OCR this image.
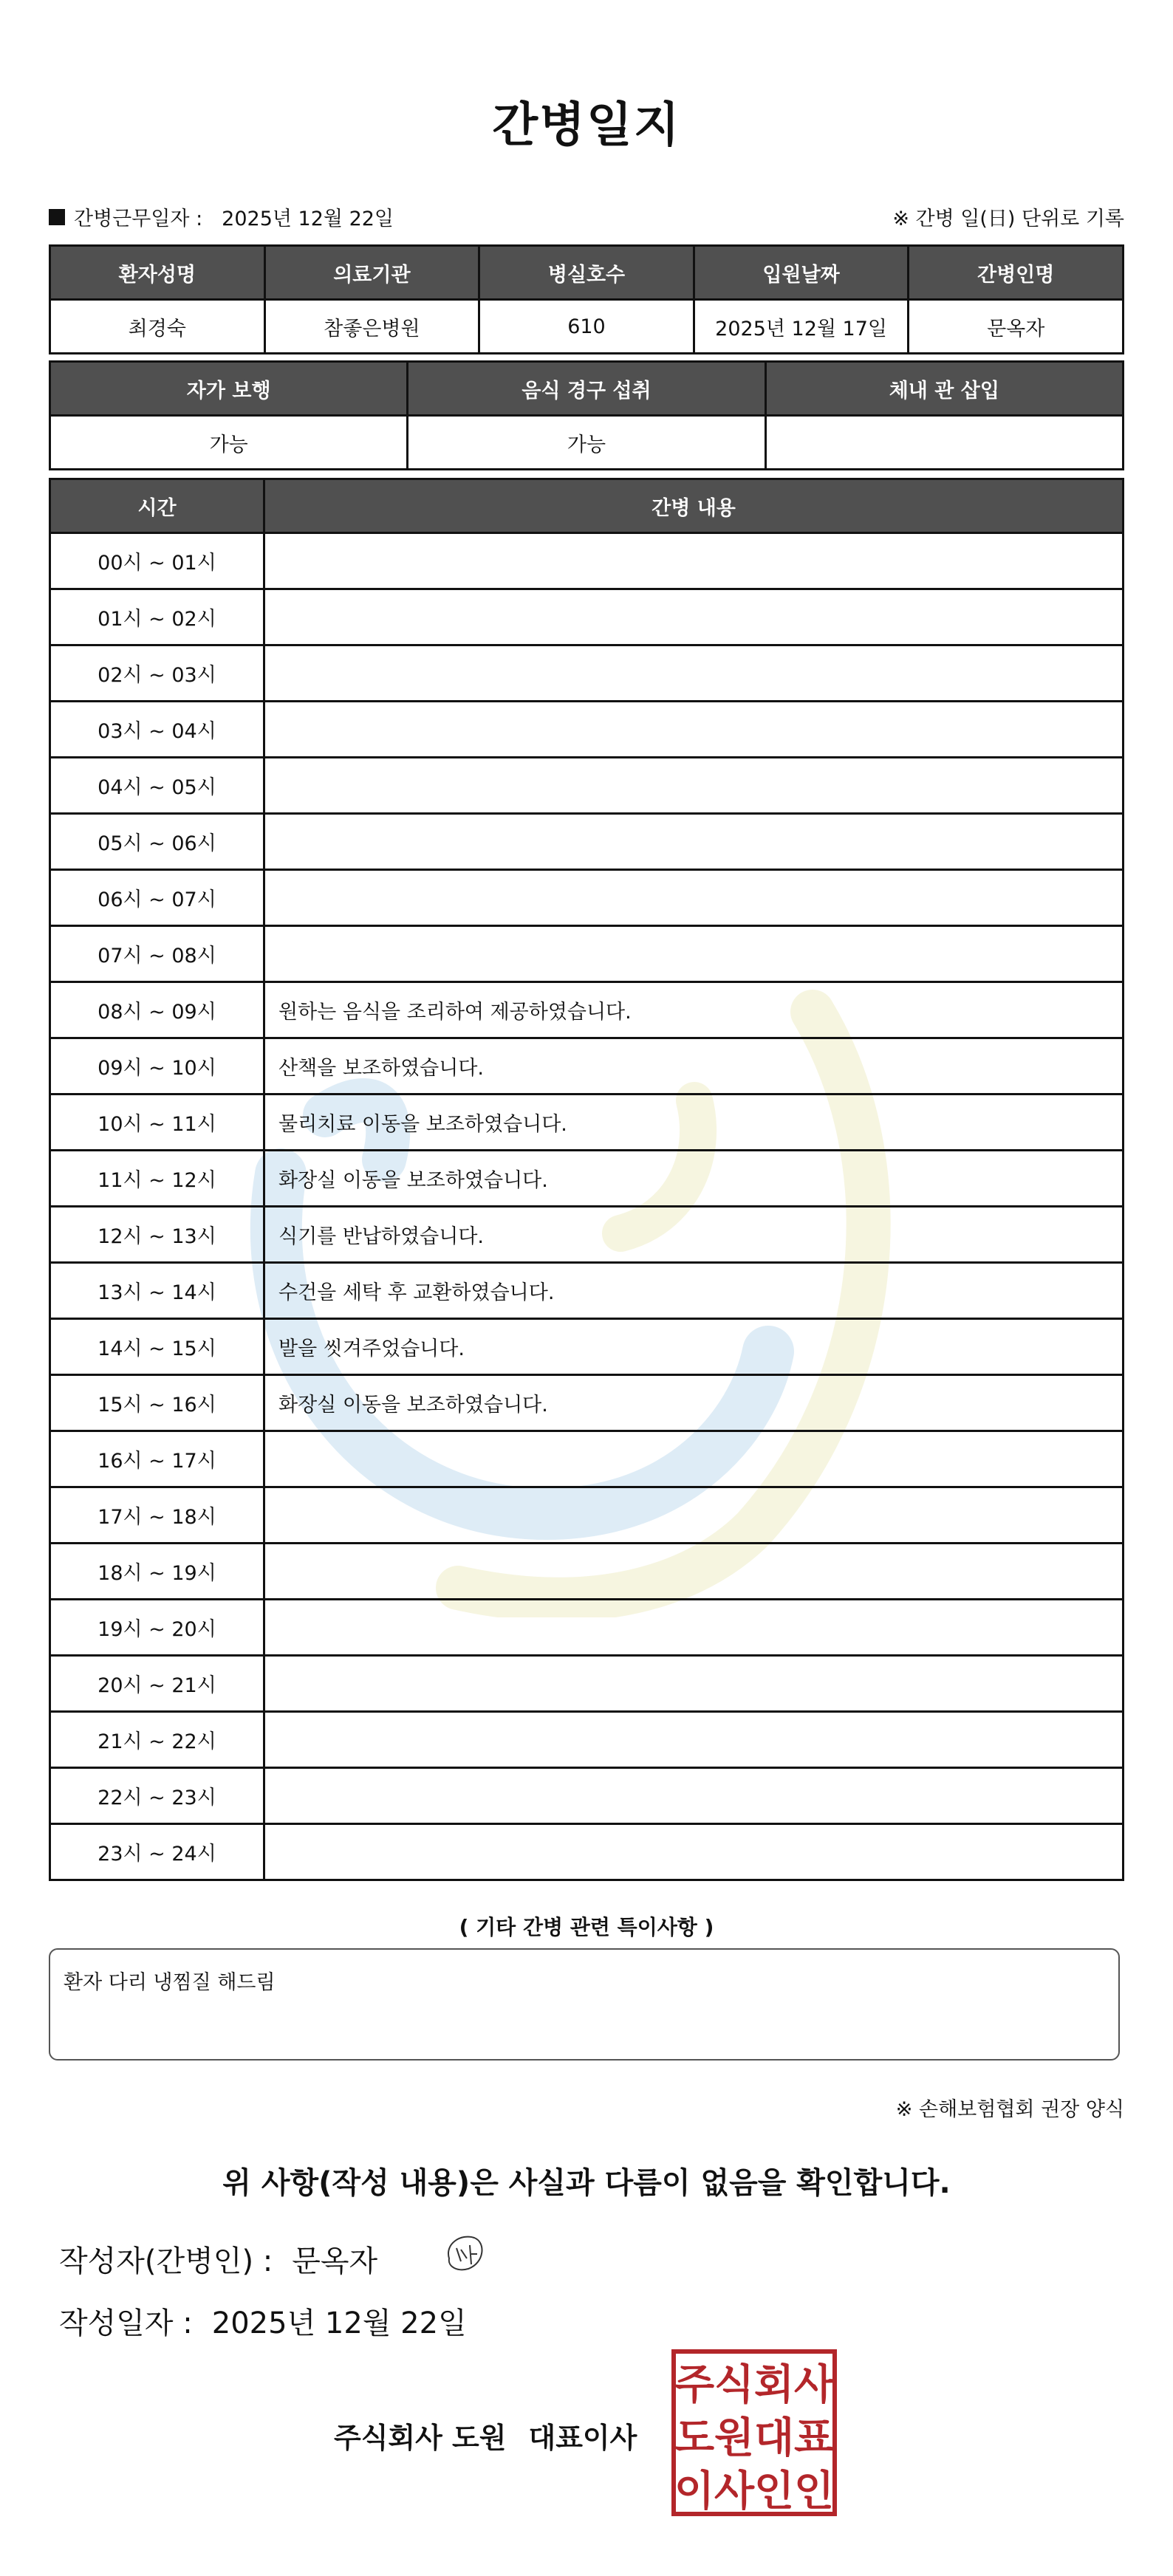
간병일지
간병근무일자 : 2025년 12월 22일	※ 간병 일(日) 단위로 기록
환자성명	의료기관	병실호수	입원날짜	간병인명
최경숙	참좋은병원	610	2025년 12월 17일	문옥자
자가 보행	음식 경구 섭취	체내 관 삽입
가능	가능	
시간	간병 내용
00시 ~ 01시	
01시 ~ 02시	
02시 ~ 03시	
03시 ~ 04시	
04시 ~ 05시	
05시 ~ 06시	
06시 ~ 07시	
07시 ~ 08시	
08시 ~ 09시	원하는 음식을 조리하여 제공하였습니다.
09시 ~ 10시	산책을 보조하였습니다.
10시 ~ 11시	물리치료 이동을 보조하였습니다.
11시 ~ 12시	화장실 이동을 보조하였습니다.
12시 ~ 13시	식기를 반납하였습니다.
13시 ~ 14시	수건을 세탁 후 교환하였습니다.
14시 ~ 15시	발을 씻겨주었습니다.
15시 ~ 16시	화장실 이동을 보조하였습니다.
16시 ~ 17시	
17시 ~ 18시	
18시 ~ 19시	
19시 ~ 20시	
20시 ~ 21시	
21시 ~ 22시	
22시 ~ 23시	
23시 ~ 24시	
( 기타 간병 관련 특이사항 )
환자 다리 냉찜질 해드림
※ 손해보험협회 권장 양식
위 사항(작성 내용)은 사실과 다름이 없음을 확인합니다.
작성자(간병인) : 문옥자
작성일자 : 2025년 12월 22일
주식회사 도원 대표이사
주 식 회 사
도 원 대 표
이 사 인 인
